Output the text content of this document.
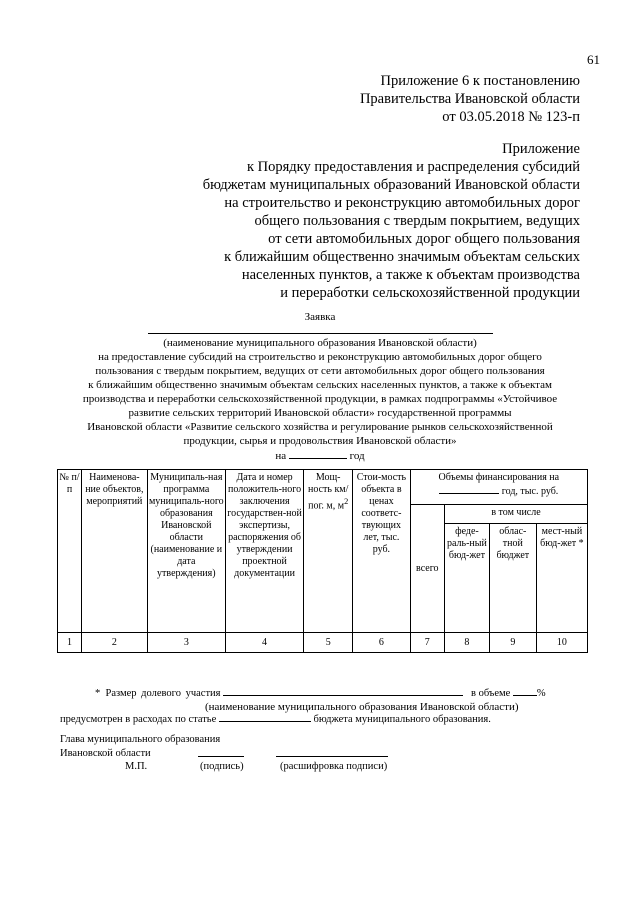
61
Приложение 6 к постановлению
Правительства Ивановской области
от 03.05.2018 № 123-п
Приложение
к Порядку предоставления и распределения субсидий
бюджетам муниципальных образований Ивановской области
на строительство и реконструкцию автомобильных дорог
общего пользования с твердым покрытием, ведущих
от сети автомобильных дорог общего пользования
к ближайшим общественно значимым объектам сельских
населенных пунктов, а также к объектам производства
и переработки сельскохозяйственной продукции
Заявка
(наименование муниципального образования Ивановской области)
на предоставление субсидий на строительство и реконструкцию автомобильных дорог общего
пользования с твердым покрытием, ведущих от сети автомобильных дорог общего пользования
к ближайшим общественно значимым объектам сельских населенных пунктов, а также к объектам
производства и переработки сельскохозяйственной продукции, в рамках подпрограммы «Устойчивое
развитие сельских территорий Ивановской области» государственной программы
Ивановской области «Развитие сельского хозяйства и регулирование рынков сельскохозяйственной
продукции, сырья и продовольствия Ивановской области»
на	год
№ п/п	Наименова-ние объектов, мероприятий	Муниципаль-ная программа муниципаль-ного образования Ивановской области (наименование и дата утверждения)	Дата и номер положитель-ного заключения государствен-ной экспертизы, распоряжения об утверждении проектной документации	Мощ-ность км/пог. м, $м^2$	Стои-мость объекта в ценах соответс-твующих лет, тыс. руб.	Объемы финансирования на
год, тыс. руб.			

						всего	в том числе		
							феде-раль-ный бюд-жет	облас-тной бюджет	мест-ный бюд-жет *
1	2	3	4	5	6	7	8	9	10
* Размер долевого участия	в объеме	%
(наименование муниципального образования Ивановской области)
предусмотрен в расходах по статье	бюджета муниципального образования.
Глава муниципального образования
Ивановской области
М.П.	(подпись)	(расшифровка подписи)
